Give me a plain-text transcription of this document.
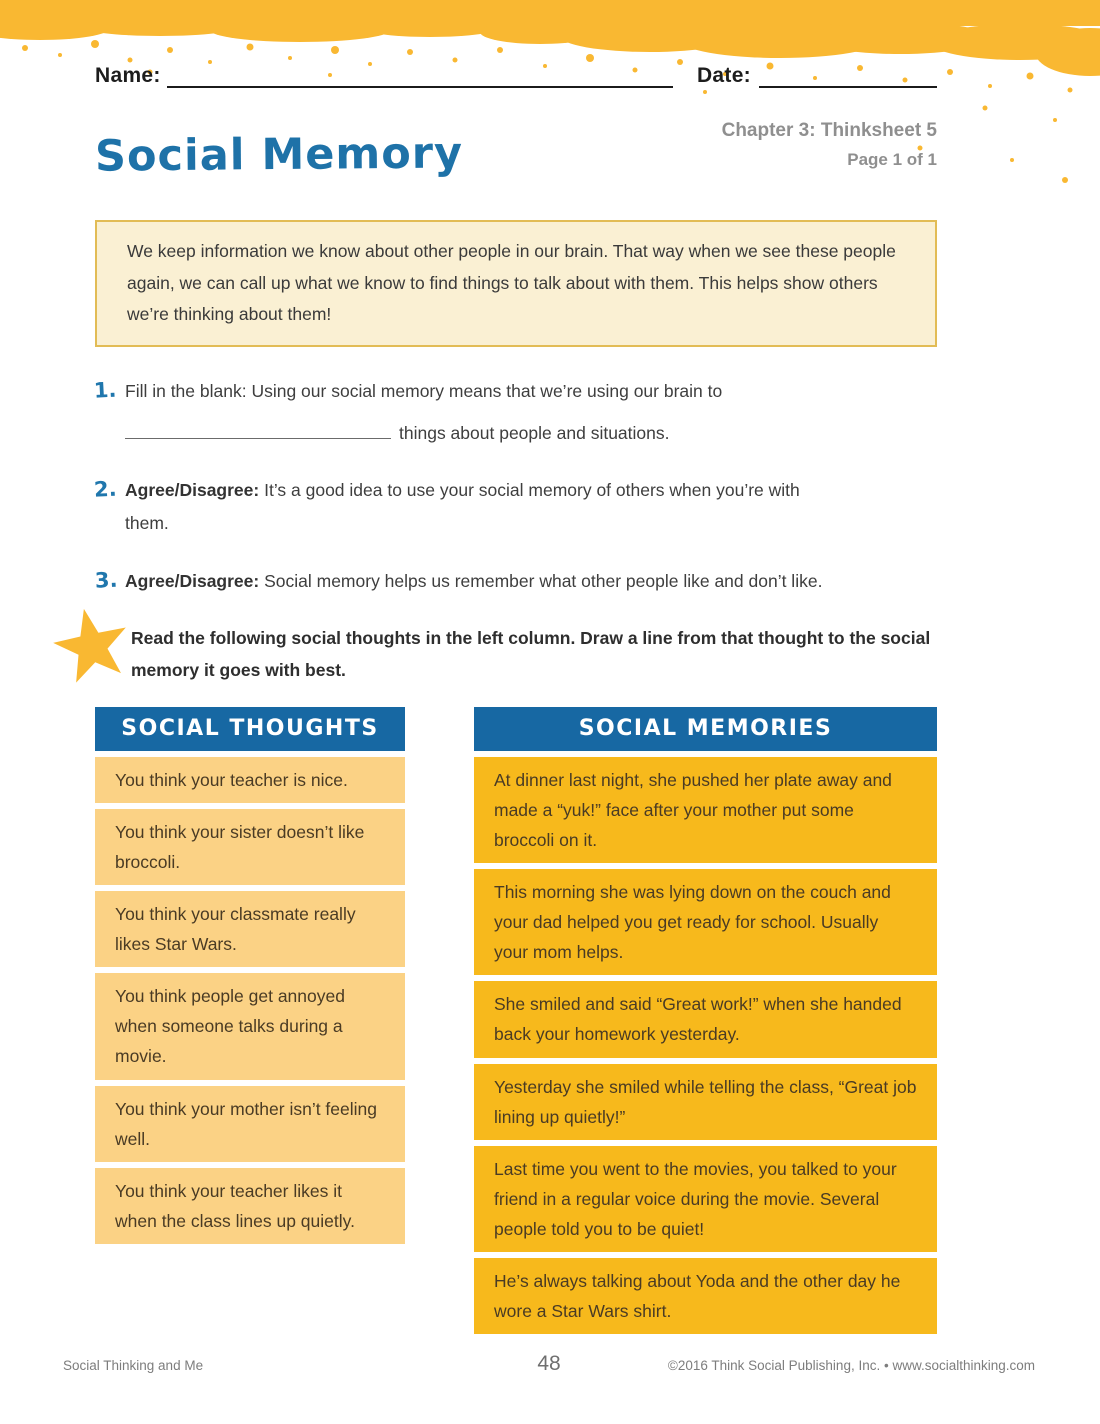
Name:	Date:
Social Memory	Chapter 3: Thinksheet 5
Page 1 of 1

We keep information we know about other people in our brain. That way when we see these people again, we can call up what we know to find things to talk about with them. This helps show others we’re thinking about them!

1. Fill in the blank: Using our social memory means that we’re using our brain to
things about people and situations.
2. Agree/Disagree: It’s a good idea to use your social memory of others when you’re with them.
3. Agree/Disagree: Social memory helps us remember what other people like and don’t like.

Read the following social thoughts in the left column. Draw a line from that thought to the social memory it goes with best.

SOCIAL THOUGHTS
You think your teacher is nice.
You think your sister doesn’t like broccoli.
You think your classmate really likes Star Wars.
You think people get annoyed when someone talks during a movie.
You think your mother isn’t feeling well.
You think your teacher likes it when the class lines up quietly.
SOCIAL MEMORIES
At dinner last night, she pushed her plate away and made a “yuk!” face after your mother put some broccoli on it.
This morning she was lying down on the couch and your dad helped you get ready for school. Usually your mom helps.
She smiled and said “Great work!” when she handed back your homework yesterday.
Yesterday she smiled while telling the class, “Great job lining up quietly!”
Last time you went to the movies, you talked to your friend in a regular voice during the movie. Several people told you to be quiet!
He’s always talking about Yoda and the other day he wore a Star Wars shirt.
Social Thinking and Me	48	©2016 Think Social Publishing, Inc. • www.socialthinking.com
